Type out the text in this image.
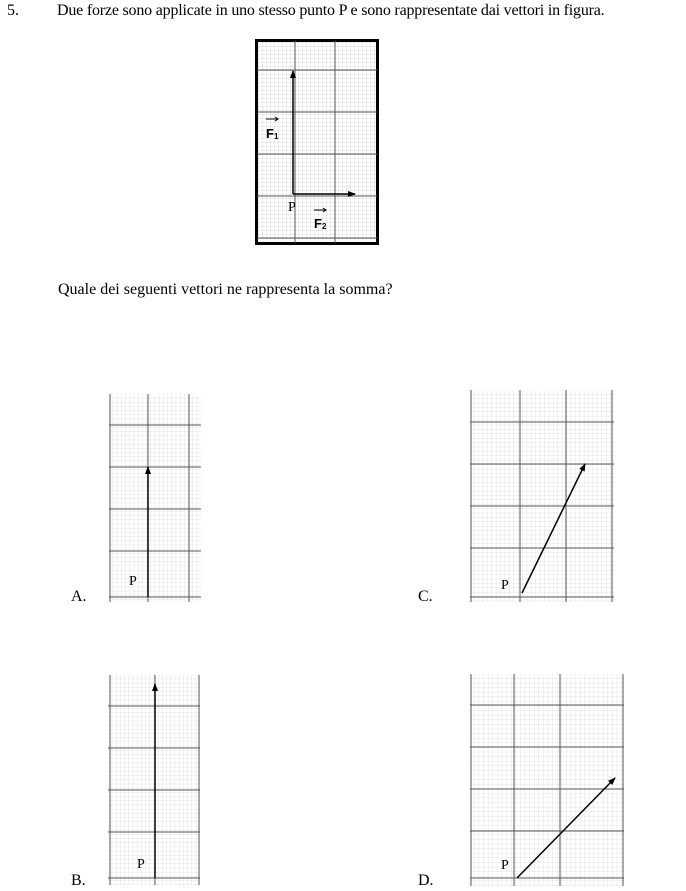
5. Due forze sono applicate in uno stesso punto P e sono rappresentate dai vettori in figura.
F1
P
F2
Quale dei seguenti vettori ne rappresenta la somma?
A.
P
C.
P
B.
P
D.
P
